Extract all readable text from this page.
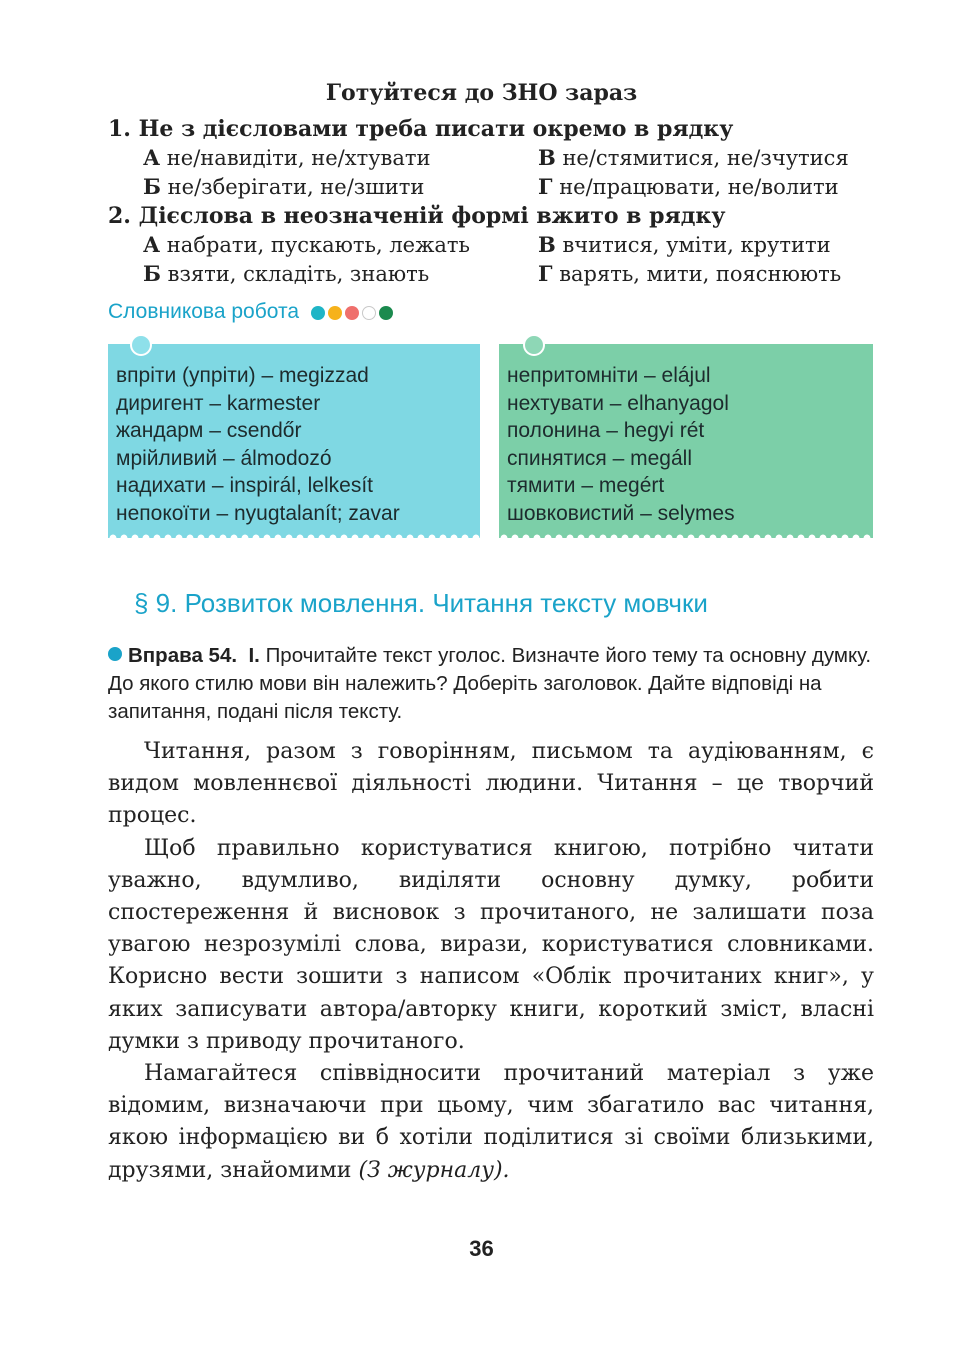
Готуйтеся до ЗНО зараз
1. Не з дієсловами треба писати окремо в рядку
А не/навидіти, не/хтувати	В не/стямитися, не/зчутися
Б не/зберігати, не/зшити	Г не/працювати, не/волити
2. Дієслова в неозначеній формі вжито в рядку
А набрати, пускають, лежать	В вчитися, уміти, крутити
Б взяти, складіть, знають	Г варять, мити, пояснюють
Словникова робота
впріти (упріти) – megizzad
диригент – karmester
жандарм – csendőr
мрійливий – álmodozó
надихати – inspirál, lelkesít
непокоїти – nyugtalanít; zavar
непритомніти – elájul
нехтувати – elhanyagol
полонина – hegyi rét
спинятися – megáll
тямити – megért
шовковистий – selymes
§ 9. Розвиток мовлення. Читання тексту мовчки
Вправа 54. І. Прочитайте текст уголос. Визначте його тему та основну думку. До якого стилю мови він належить? Доберіть заголовок. Дайте відповіді на запитання, подані після тексту.

Читання, разом з говорінням, письмом та аудіюванням, є видом мовленнєвої діяльності людини. Читання – це творчий процес.

Щоб правильно користуватися книгою, потрібно читати уважно, вдумливо, виділяти основну думку, робити спостереження й висновок з прочитаного, не залишати поза увагою незрозумілі слова, вирази, користуватися словниками. Корисно вести зошити з написом «Облік прочитаних книг», у яких записувати автора/авторку книги, короткий зміст, власні думки з приводу прочитаного.

Намагайтеся співвідносити прочитаний матеріал з уже відомим, визначаючи при цьому, чим збагатило вас читання, якою інформацією ви б хотіли поділитися зі своїми близькими, друзями, знайомими (З журналу).

36
